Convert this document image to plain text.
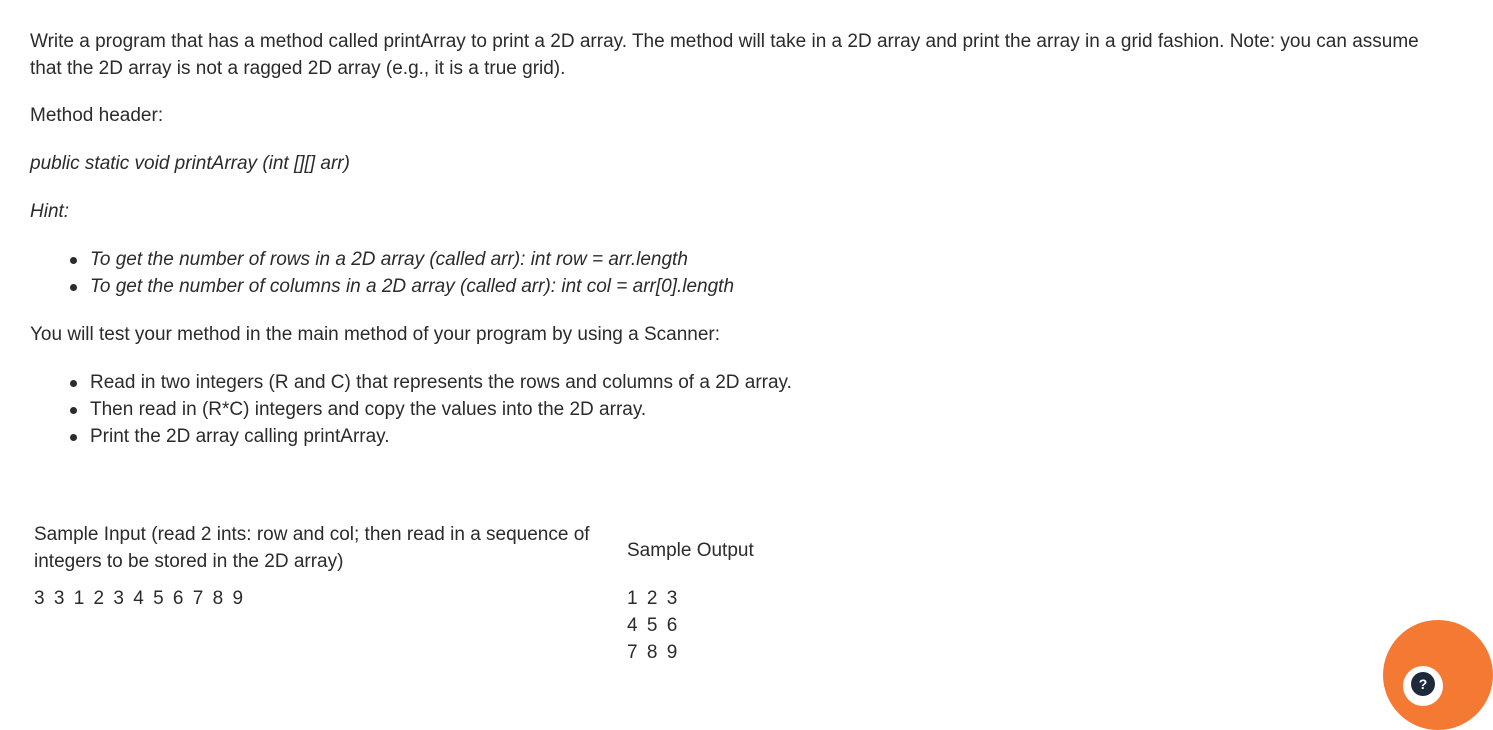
Write a program that has a method called printArray to print a 2D array. The method will take in a 2D array and print the array in a grid fashion. Note: you can assume that the 2D array is not a ragged 2D array (e.g., it is a true grid).

Method header:

public static void printArray (int [][] arr)

Hint:

To get the number of rows in a 2D array (called arr): int row = arr.length
To get the number of columns in a 2D array (called arr): int col = arr[0].length

You will test your method in the main method of your program by using a Scanner:

Read in two integers (R and C) that represents the rows and columns of a 2D array.
Then read in (R*C) integers and copy the values into the 2D array.
Print the 2D array calling printArray.
Sample Input (read 2 ints: row and col; then read in a sequence of integers to be stored in the 2D array)	Sample Output
3 3 1 2 3 4 5 6 7 8 9	1 2 3
4 5 6
7 8 9
?
